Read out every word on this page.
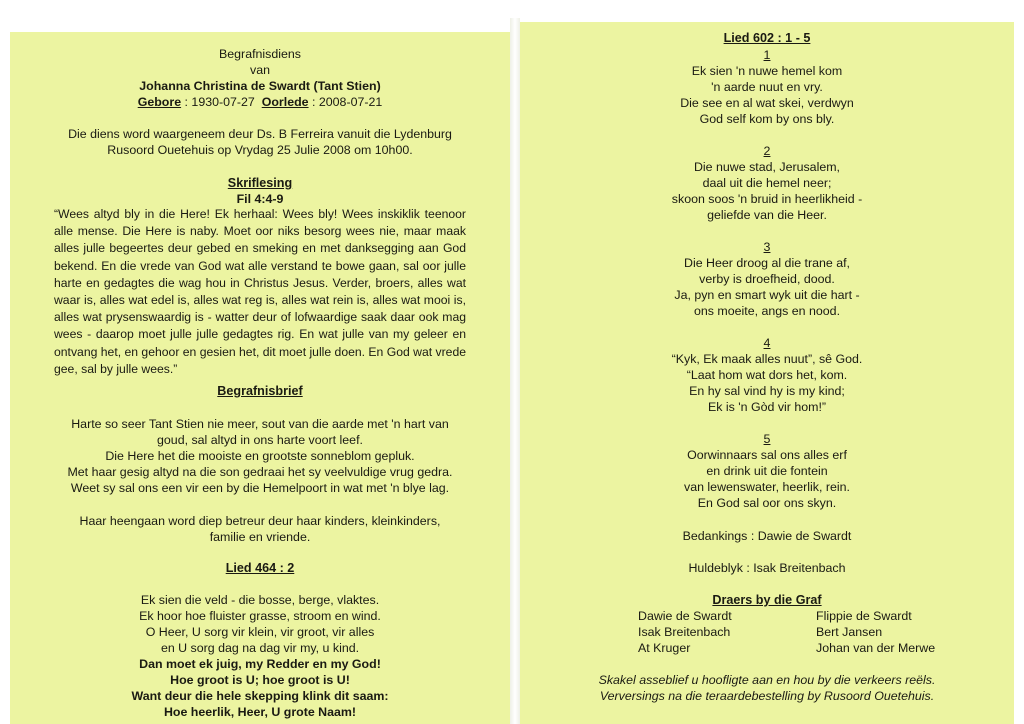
Begrafnisdiens
van
Johanna Christina de Swardt (Tant Stien)
Gebore : 1930-07-27 Oorlede : 2008-07-21
Die diens word waargeneem deur Ds. B Ferreira vanuit die Lydenburg
Rusoord Ouetehuis op Vrydag 25 Julie 2008 om 10h00.
Skriflesing
Fil 4:4-9
“Wees altyd bly in die Here! Ek herhaal: Wees bly! Wees inskiklik teenoor alle mense. Die Here is naby. Moet oor niks besorg wees nie, maar maak alles julle begeertes deur gebed en smeking en met danksegging aan God bekend. En die vrede van God wat alle verstand te bowe gaan, sal oor julle harte en gedagtes die wag hou in Christus Jesus. Verder, broers, alles wat waar is, alles wat edel is, alles wat reg is, alles wat rein is, alles wat mooi is, alles wat prysenswaardig is - watter deur of lofwaardige saak daar ook mag wees - daarop moet julle julle gedagtes rig. En wat julle van my geleer en ontvang het, en gehoor en gesien het, dit moet julle doen. En God wat vrede gee, sal by julle wees.”
Begrafnisbrief
Harte so seer Tant Stien nie meer, sout van die aarde met 'n hart van
goud, sal altyd in ons harte voort leef.
Die Here het die mooiste en grootste sonneblom gepluk.
Met haar gesig altyd na die son gedraai het sy veelvuldige vrug gedra.
Weet sy sal ons een vir een by die Hemelpoort in wat met 'n blye lag.
Haar heengaan word diep betreur deur haar kinders, kleinkinders,
familie en vriende.
Lied 464 : 2
Ek sien die veld - die bosse, berge, vlaktes.
Ek hoor hoe fluister grasse, stroom en wind.
O Heer, U sorg vir klein, vir groot, vir alles
en U sorg dag na dag vir my, u kind.
Dan moet ek juig, my Redder en my God!
Hoe groot is U; hoe groot is U!
Want deur die hele skepping klink dit saam:
Hoe heerlik, Heer, U grote Naam!
Lied 602 : 1 - 5
1
Ek sien 'n nuwe hemel kom
'n aarde nuut en vry.
Die see en al wat skei, verdwyn
God self kom by ons bly.
2
Die nuwe stad, Jerusalem,
daal uit die hemel neer;
skoon soos 'n bruid in heerlikheid -
geliefde van die Heer.
3
Die Heer droog al die trane af,
verby is droefheid, dood.
Ja, pyn en smart wyk uit die hart -
ons moeite, angs en nood.
4
“Kyk, Ek maak alles nuut”, sê God.
“Laat hom wat dors het, kom.
En hy sal vind hy is my kind;
Ek is 'n Gòd vir hom!”
5
Oorwinnaars sal ons alles erf
en drink uit die fontein
van lewenswater, heerlik, rein.
En God sal oor ons skyn.
Bedankings : Dawie de Swardt
Huldeblyk : Isak Breitenbach
Draers by die Graf
Dawie de Swardt
Isak Breitenbach
At Kruger
Flippie de Swardt
Bert Jansen
Johan van der Merwe
Skakel asseblief u hoofligte aan en hou by die verkeers reëls.
Verversings na die teraardebestelling by Rusoord Ouetehuis.
